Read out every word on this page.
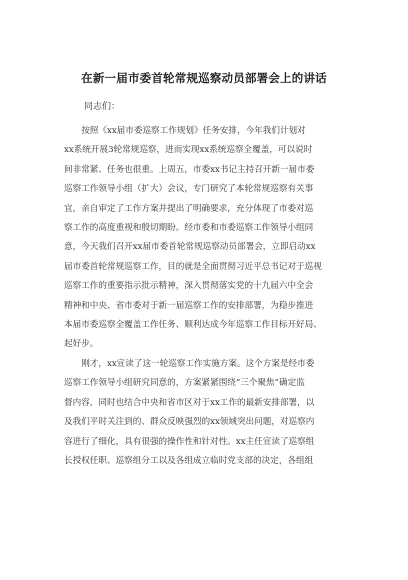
在新一届市委首轮常规巡察动员部署会上的讲话
同志们：
　　按照《xx届市委巡察工作规划》任务安排，今年我们计划对
xx系统开展3轮常规巡察，进而实现xx系统巡察全覆盖，可以说时
间非常紧、任务也很重。上周五，市委xx书记主持召开新一届市委
巡察工作领导小组（扩大）会议，专门研究了本轮常规巡察有关事
宜，亲自审定了工作方案并提出了明确要求，充分体现了市委对巡
察工作的高度重视和殷切期盼。经市委和市委巡察工作领导小组同
意，今天我们召开xx届市委首轮常规巡察动员部署会，立即启动xx
届市委首轮常规巡察工作，目的就是全面贯彻习近平总书记对于巡视
巡察工作的重要指示批示精神，深入贯彻落实党的十九届六中全会
精神和中央、省市委对于新一届巡察工作的安排部署，为稳步推进
本届市委巡察全覆盖工作任务、顺利达成今年巡察工作目标开好局、
起好步。
　　刚才，xx宣读了这一轮巡察工作实施方案。这个方案是经市委
巡察工作领导小组研究同意的，方案紧紧围绕“三个聚焦”确定监
督内容，同时也结合中央和省市区对于xx工作的最新安排部署，以
及我们平时关注到的、群众反映强烈的xx领域突出问题，对巡察内
容进行了细化，具有很强的操作性和针对性。xx主任宣读了巡察组
长授权任职、巡察组分工以及各组成立临时党支部的决定，各组组
